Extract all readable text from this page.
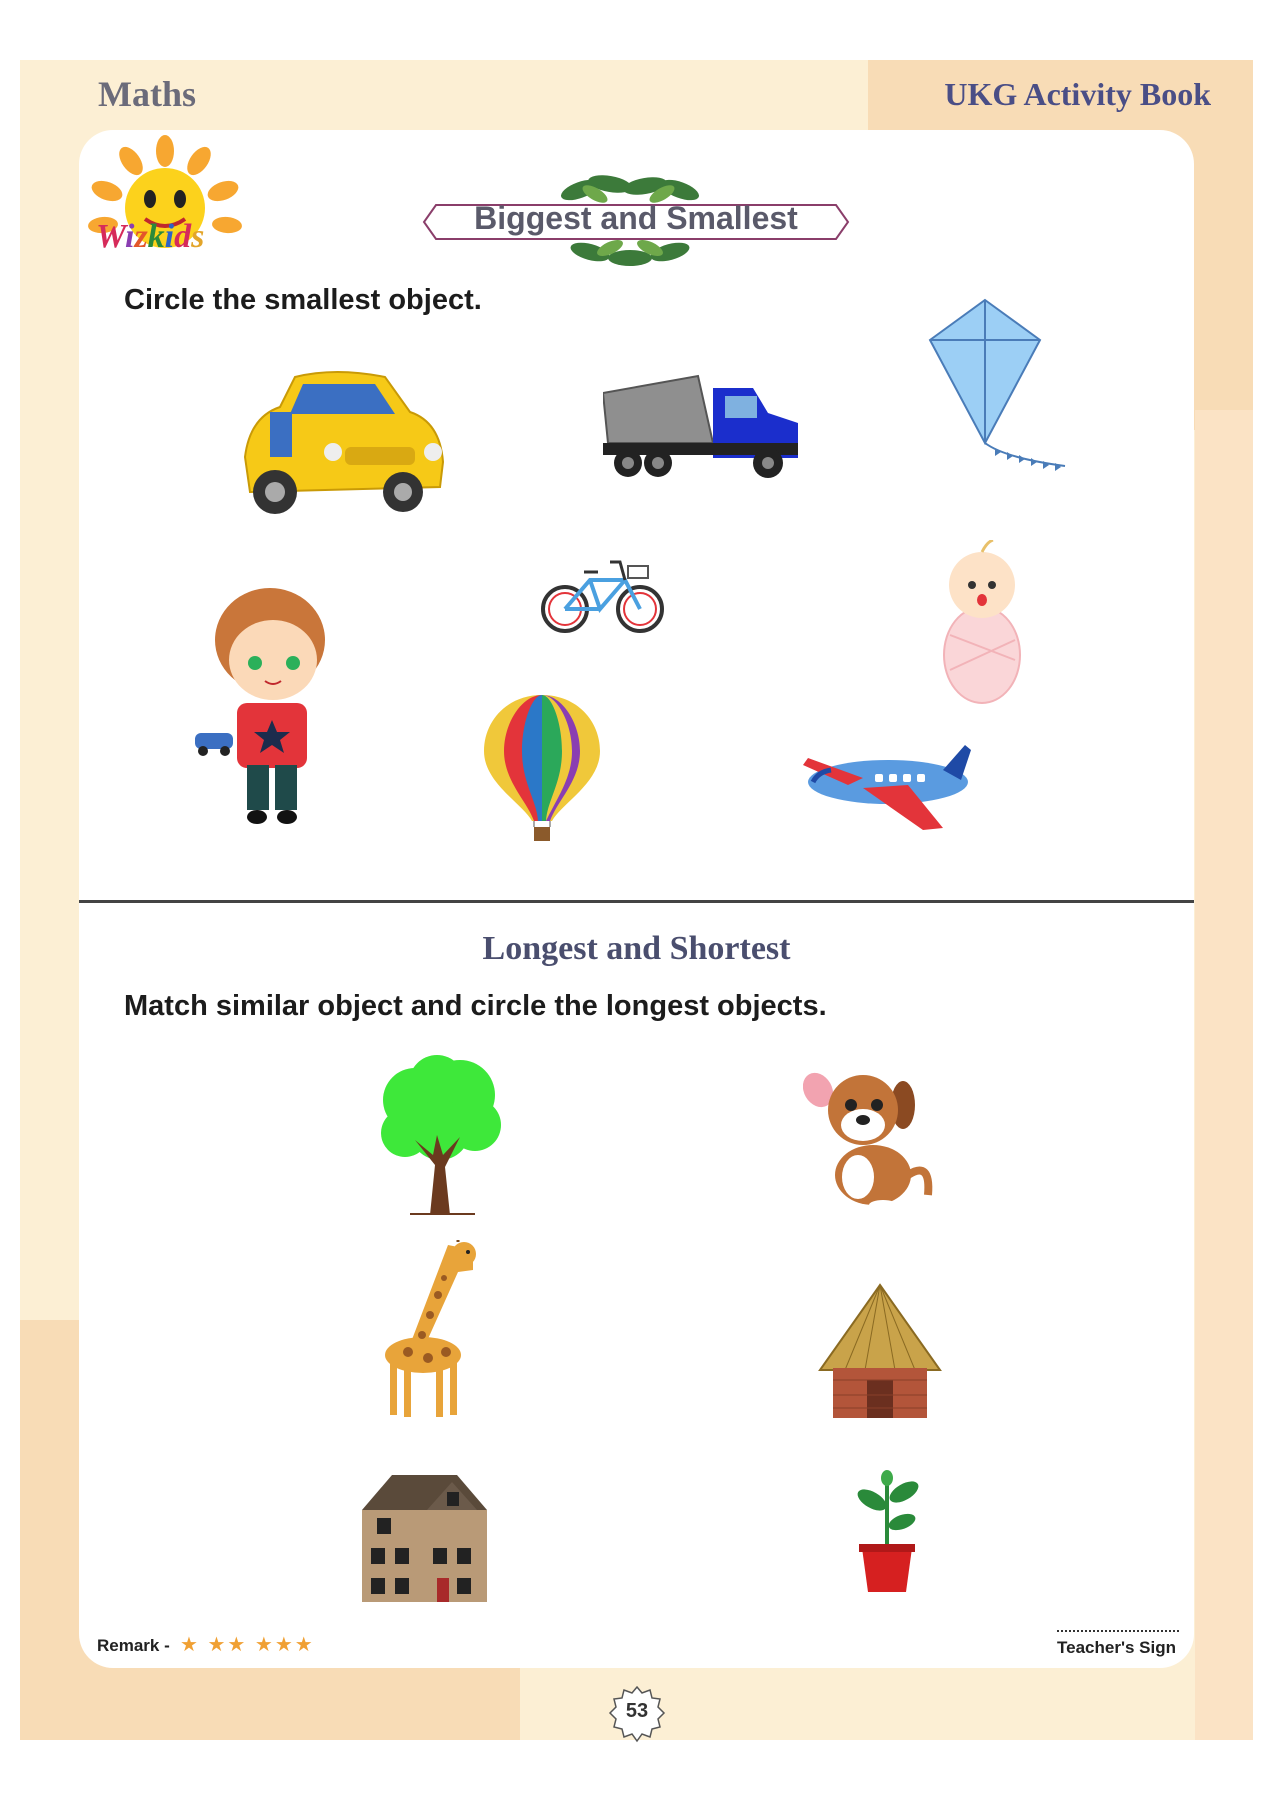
Maths	UKG Activity Book
Wizkids	Biggest and Smallest
Circle the smallest object.
Longest and Shortest
Match similar object and circle the longest objects.
Remark - ★ ★★ ★★★	Teacher's Sign
53
